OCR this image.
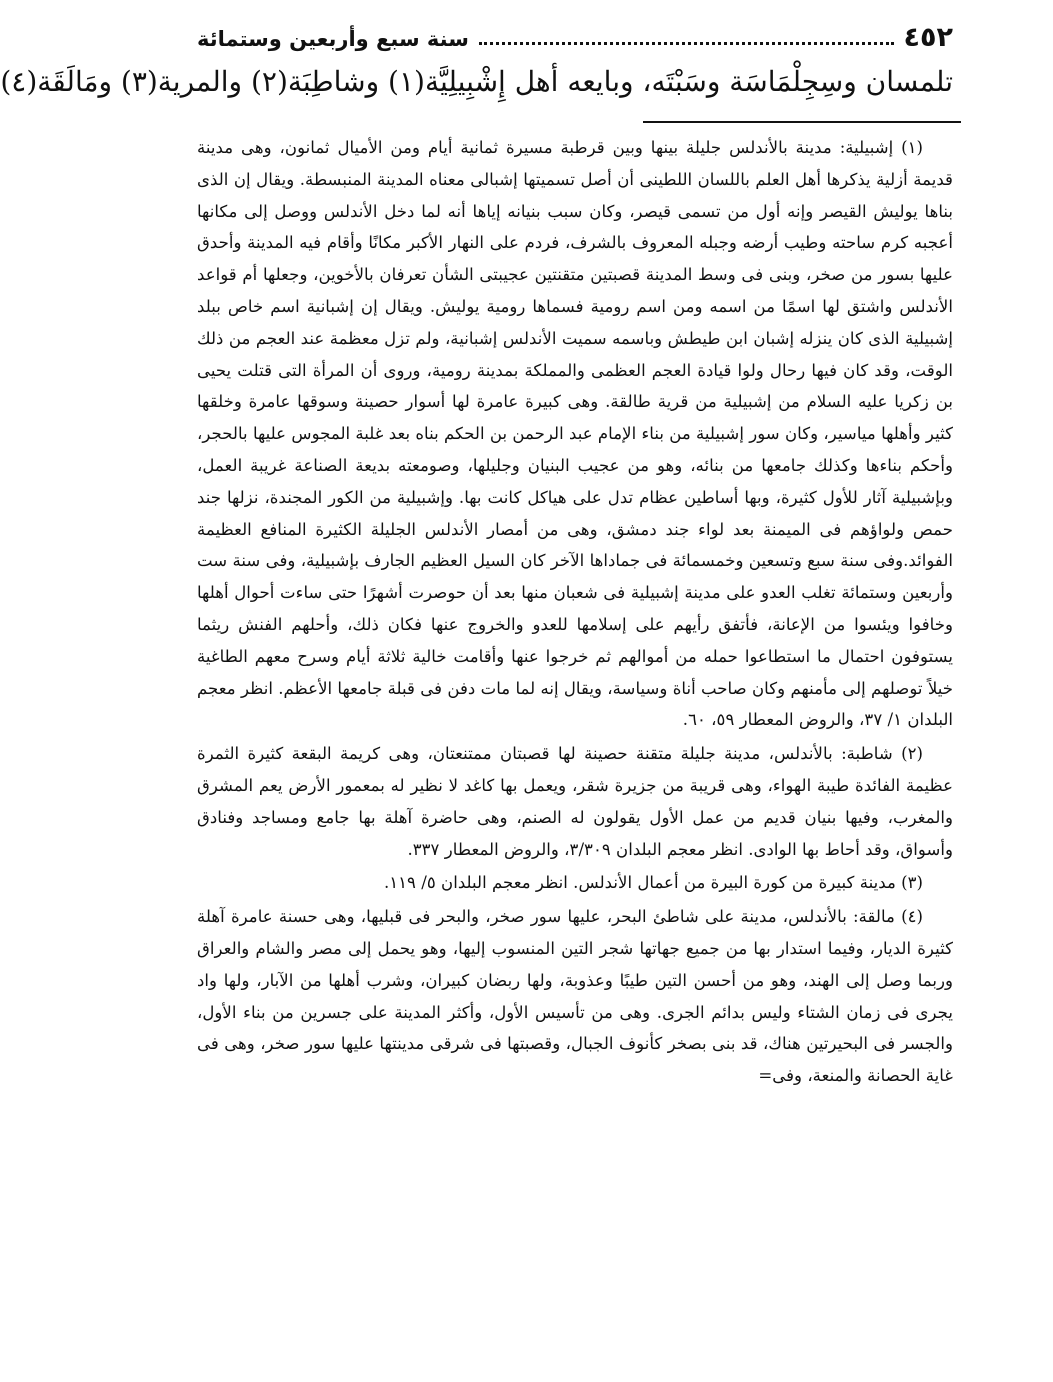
٤٥٢
سنة سبع وأربعين وستمائة
تلمسان وسِجِلْمَاسَة وسَبْتَه، وبايعه أهل إِشْبِيلِيَّة(١) وشاطِبَة(٢) والمرية(٣) ومَالَقَة(٤)

(١) إشبيلية: مدينة بالأندلس جليلة بينها وبين قرطبة مسيرة ثمانية أيام ومن الأميال ثمانون، وهى مدينة قديمة أزلية يذكرها أهل العلم باللسان اللطينى أن أصل تسميتها إشبالى معناه المدينة المنبسطة. ويقال إن الذى بناها يوليش القيصر وإنه أول من تسمى قيصر، وكان سبب بنيانه إياها أنه لما دخل الأندلس ووصل إلى مكانها أعجبه كرم ساحته وطيب أرضه وجبله المعروف بالشرف، فردم على النهار الأكبر مكانًا وأقام فيه المدينة وأحدق عليها بسور من صخر، وبنى فى وسط المدينة قصبتين متقنتين عجيبتى الشأن تعرفان بالأخوين، وجعلها أم قواعد الأندلس واشتق لها اسمًا من اسمه ومن اسم رومية فسماها رومية يوليش. ويقال إن إشبانية اسم خاص ببلد إشبيلية الذى كان ينزله إشبان ابن طيطش وباسمه سميت الأندلس إشبانية، ولم تزل معظمة عند العجم من ذلك الوقت، وقد كان فيها رحال ولوا قيادة العجم العظمى والمملكة بمدينة رومية، وروى أن المرأة التى قتلت يحيى بن زكريا عليه السلام من إشبيلية من قرية طالقة. وهى كبيرة عامرة لها أسوار حصينة وسوقها عامرة وخلقها كثير وأهلها مياسير، وكان سور إشبيلية من بناء الإمام عبد الرحمن بن الحكم بناه بعد غلبة المجوس عليها بالحجر، وأحكم بناءها وكذلك جامعها من بنائه، وهو من عجيب البنيان وجليلها، وصومعته بديعة الصناعة غريبة العمل، وبإشبيلية آثار للأول كثيرة، وبها أساطين عظام تدل على هياكل كانت بها. وإشبيلية من الكور المجندة، نزلها جند حمص ولواؤهم فى الميمنة بعد لواء جند دمشق، وهى من أمصار الأندلس الجليلة الكثيرة المنافع العظيمة الفوائد.وفى سنة سبع وتسعين وخمسمائة فى جماداها الآخر كان السيل العظيم الجارف بإشبيلية، وفى سنة ست وأربعين وستمائة تغلب العدو على مدينة إشبيلية فى شعبان منها بعد أن حوصرت أشهرًا حتى ساءت أحوال أهلها وخافوا ويئسوا من الإعانة، فأتفق رأيهم على إسلامها للعدو والخروج عنها فكان ذلك، وأحلهم الفنش ريثما يستوفون احتمال ما استطاعوا حمله من أموالهم ثم خرجوا عنها وأقامت خالية ثلاثة أيام وسرح معهم الطاغية خيلاً توصلهم إلى مأمنهم وكان صاحب أناة وسياسة، ويقال إنه لما مات دفن فى قبلة جامعها الأعظم. انظر معجم البلدان ١/ ٣٧، والروض المعطار ٥٩، ٦٠.

(٢) شاطبة: بالأندلس، مدينة جليلة متقنة حصينة لها قصبتان ممتنعتان، وهى كريمة البقعة كثيرة الثمرة عظيمة الفائدة طيبة الهواء، وهى قريبة من جزيرة شقر، ويعمل بها كاغد لا نظير له بمعمور الأرض يعم المشرق والمغرب، وفيها بنيان قديم من عمل الأول يقولون له الصنم، وهى حاضرة آهلة بها جامع ومساجد وفنادق وأسواق، وقد أحاط بها الوادى. انظر معجم البلدان ٣/٣٠٩، والروض المعطار ٣٣٧.

(٣) مدينة كبيرة من كورة البيرة من أعمال الأندلس. انظر معجم البلدان ٥/ ١١٩.

(٤) مالقة: بالأندلس، مدينة على شاطئ البحر، عليها سور صخر، والبحر فى قبليها، وهى حسنة عامرة آهلة كثيرة الديار، وفيما استدار بها من جميع جهاتها شجر التين المنسوب إليها، وهو يحمل إلى مصر والشام والعراق وربما وصل إلى الهند، وهو من أحسن التين طيبًا وعذوبة، ولها ربضان كبيران، وشرب أهلها من الآبار، ولها واد يجرى فى زمان الشتاء وليس بدائم الجرى. وهى من تأسيس الأول، وأكثر المدينة على جسرين من بناء الأول، والجسر فى البحيرتين هناك، قد بنى بصخر كأنوف الجبال، وقصبتها فى شرقى مدينتها عليها سور صخر، وهى فى غاية الحصانة والمنعة، وفى=
